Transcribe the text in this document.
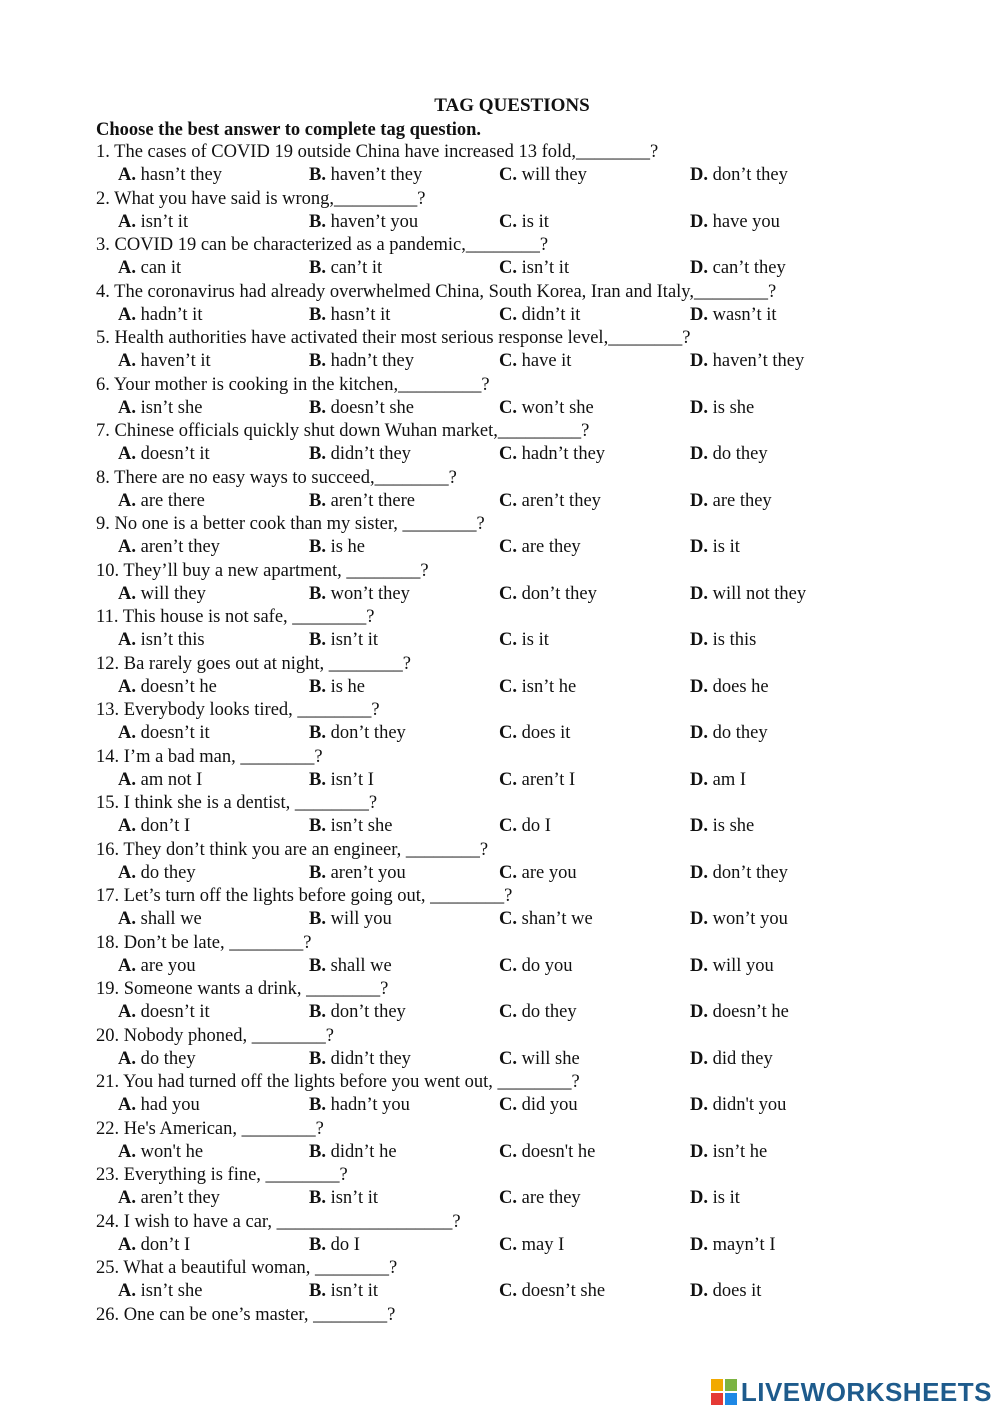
TAG QUESTIONS
Choose the best answer to complete tag question.
1. The cases of COVID 19 outside China have increased 13 fold,________?
A. hasn’t they	B. haven’t they	C. will they	D. don’t they
2. What you have said is wrong,_________?
A. isn’t it	B. haven’t you	C. is it	D. have you
3. COVID 19 can be characterized as a pandemic,________?
A. can it	B. can’t it	C. isn’t it	D. can’t they
4. The coronavirus had already overwhelmed China, South Korea, Iran and Italy,________?
A. hadn’t it	B. hasn’t it	C. didn’t it	D. wasn’t it
5. Health authorities have activated their most serious response level,________?
A. haven’t it	B. hadn’t they	C. have it	D. haven’t they
6. Your mother is cooking in the kitchen,_________?
A. isn’t she	B. doesn’t she	C. won’t she	D. is she
7. Chinese officials quickly shut down Wuhan market,_________?
A. doesn’t it	B. didn’t they	C. hadn’t they	D. do they
8. There are no easy ways to succeed,________?
A. are there	B. aren’t there	C. aren’t they	D. are they
9. No one is a better cook than my sister, ________?
A. aren’t they	B. is he	C. are they	D. is it
10. They’ll buy a new apartment, ________?
A. will they	B. won’t they	C. don’t they	D. will not they
11. This house is not safe, ________?
A. isn’t this	B. isn’t it	C. is it	D. is this
12. Ba rarely goes out at night, ________?
A. doesn’t he	B. is he	C. isn’t he	D. does he
13. Everybody looks tired, ________?
A. doesn’t it	B. don’t they	C. does it	D. do they
14. I’m a bad man, ________?
A. am not I	B. isn’t I	C. aren’t I	D. am I
15. I think she is a dentist, ________?
A. don’t I	B. isn’t she	C. do I	D. is she
16. They don’t think you are an engineer, ________?
A. do they	B. aren’t you	C. are you	D. don’t they
17. Let’s turn off the lights before going out, ________?
A. shall we	B. will you	C. shan’t we	D. won’t you
18. Don’t be late, ________?
A. are you	B. shall we	C. do you	D. will you
19. Someone wants a drink, ________?
A. doesn’t it	B. don’t they	C. do they	D. doesn’t he
20. Nobody phoned, ________?
A. do they	B. didn’t they	C. will she	D. did they
21. You had turned off the lights before you went out, ________?
A. had you	B. hadn’t you	C. did you	D. didn't you
22. He's American, ________?
A. won't he	B. didn’t he	C. doesn't he	D. isn’t he
23. Everything is fine, ________?
A. aren’t they	B. isn’t it	C. are they	D. is it
24. I wish to have a car, ___________________?
A. don’t I	B. do I	C. may I	D. mayn’t I
25. What a beautiful woman, ________?
A. isn’t she	B. isn’t it	C. doesn’t she	D. does it
26. One can be one’s master, ________?
LIVEWORKSHEETS
